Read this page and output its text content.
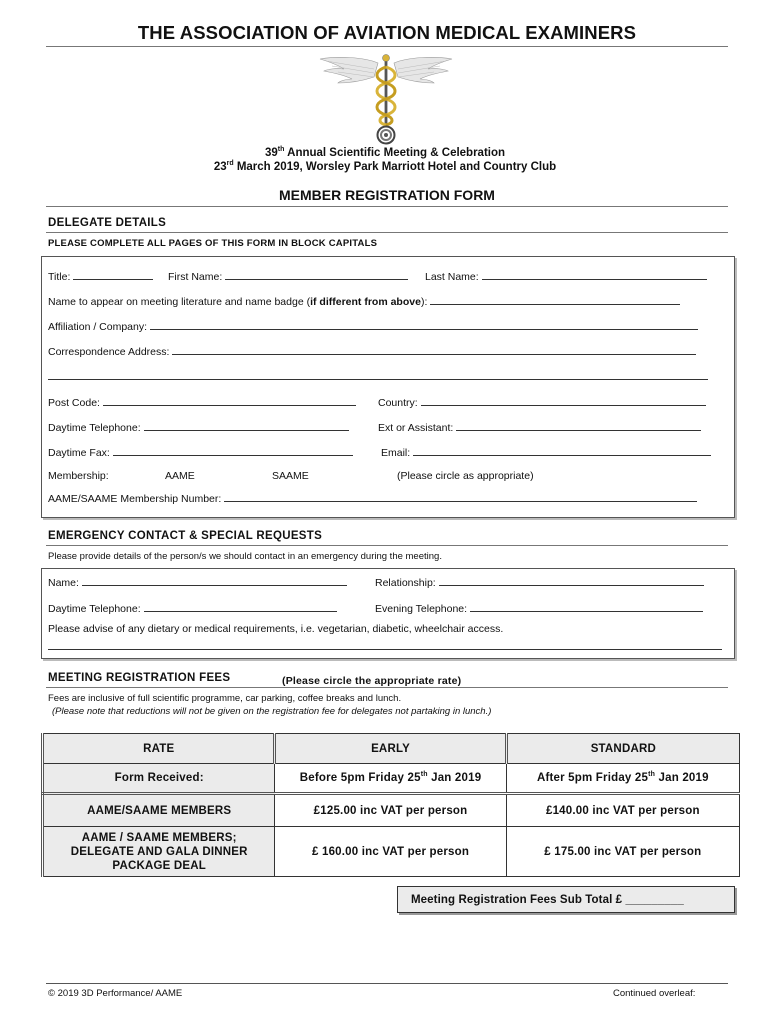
THE ASSOCIATION OF AVIATION MEDICAL EXAMINERS
39th Annual Scientific Meeting & Celebration
23rd March 2019, Worsley Park Marriott Hotel and Country Club
MEMBER REGISTRATION FORM
DELEGATE DETAILS
PLEASE COMPLETE ALL PAGES OF THIS FORM IN BLOCK CAPITALS
Title:	First Name:	Last Name:
Name to appear on meeting literature and name badge (if different from above):
Affiliation / Company:
Correspondence Address:
Post Code:	Country:
Daytime Telephone:	Ext or Assistant:
Daytime Fax:	Email:
Membership:	AAME	SAAME	(Please circle as appropriate)
AAME/SAAME Membership Number:
EMERGENCY CONTACT & SPECIAL REQUESTS
Please provide details of the person/s we should contact in an emergency during the meeting.
Name:	Relationship:
Daytime Telephone:	Evening Telephone:
Please advise of any dietary or medical requirements, i.e. vegetarian, diabetic, wheelchair access.
MEETING REGISTRATION FEES	(Please circle the appropriate rate)
Fees are inclusive of full scientific programme, car parking, coffee breaks and lunch.
(Please note that reductions will not be given on the registration fee for delegates not partaking in lunch.)
RATE	EARLY	STANDARD
Form Received:	Before 5pm Friday 25th Jan 2019	After 5pm Friday 25th Jan 2019
AAME/SAAME MEMBERS	£125.00 inc VAT per person	£140.00 inc VAT per person

AAME / SAAME MEMBERS;
DELEGATE AND GALA DINNER
PACKAGE DEAL	£ 160.00 inc VAT per person	£ 175.00 inc VAT per person
Meeting Registration Fees Sub Total £ _________
© 2019 3D Performance/ AAME	Continued overleaf:
